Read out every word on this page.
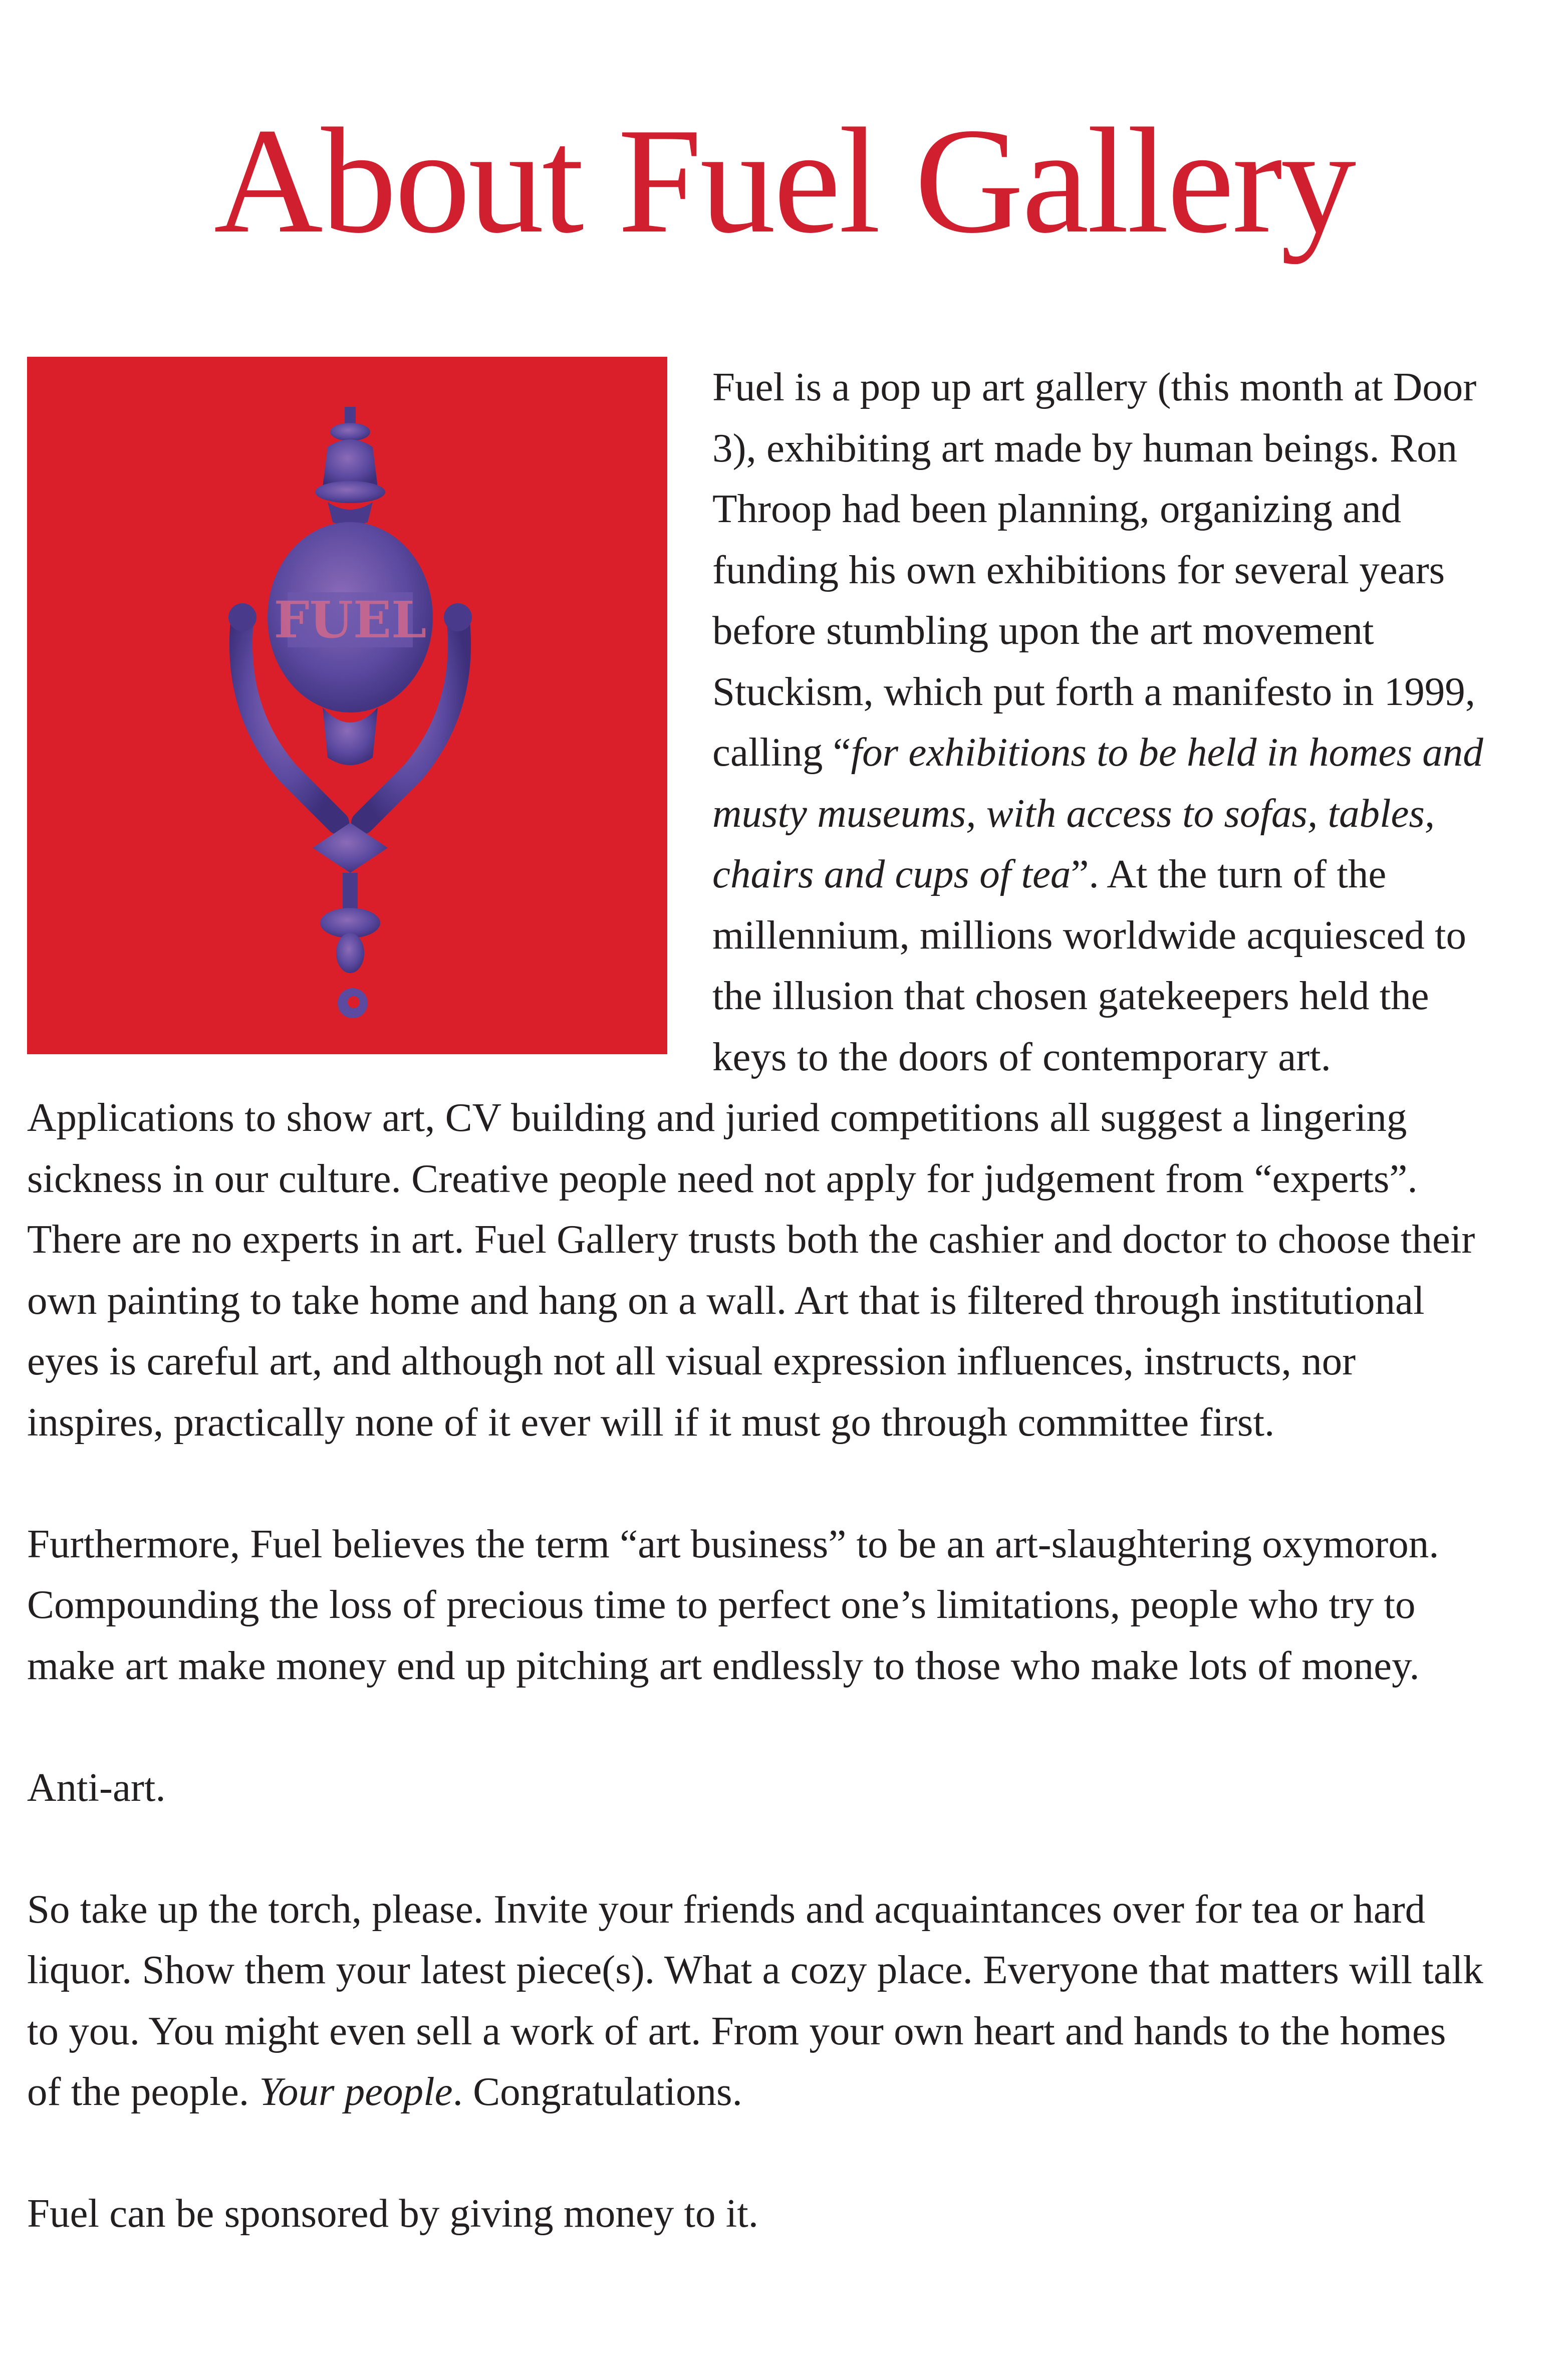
About Fuel Gallery
FUEL

Fuel is a pop up art gallery (this month at Door 3), exhibiting art made by human beings. Ron Throop had been planning, organizing and funding his own exhibitions for several years before stumbling upon the art movement Stuckism, which put forth a manifesto in 1999, calling “for exhibitions to be held in homes and musty museums, with access to sofas, tables, chairs and cups of tea”. At the turn of the millennium, millions worldwide acquiesced to the illusion that chosen gatekeepers held the keys to the doors of contemporary art. Applications to show art, CV building and juried competitions all suggest a lingering sickness in our culture. Creative people need not apply for judgement from “experts”. There are no experts in art. Fuel Gallery trusts both the cashier and doctor to choose their own painting to take home and hang on a wall. Art that is filtered through institutional eyes is careful art, and although not all visual expression influences, instructs, nor inspires, practically none of it ever will if it must go through committee first.

Furthermore, Fuel believes the term “art business” to be an art-slaughtering oxymoron. Compounding the loss of precious time to perfect one’s limitations, people who try to make art make money end up pitching art endlessly to those who make lots of money.

Anti-art.

So take up the torch, please. Invite your friends and acquaintances over for tea or hard liquor. Show them your latest piece(s). What a cozy place. Everyone that matters will talk to you. You might even sell a work of art. From your own heart and hands to the homes of the people. Your people. Congratulations.

Fuel can be sponsored by giving money to it.
